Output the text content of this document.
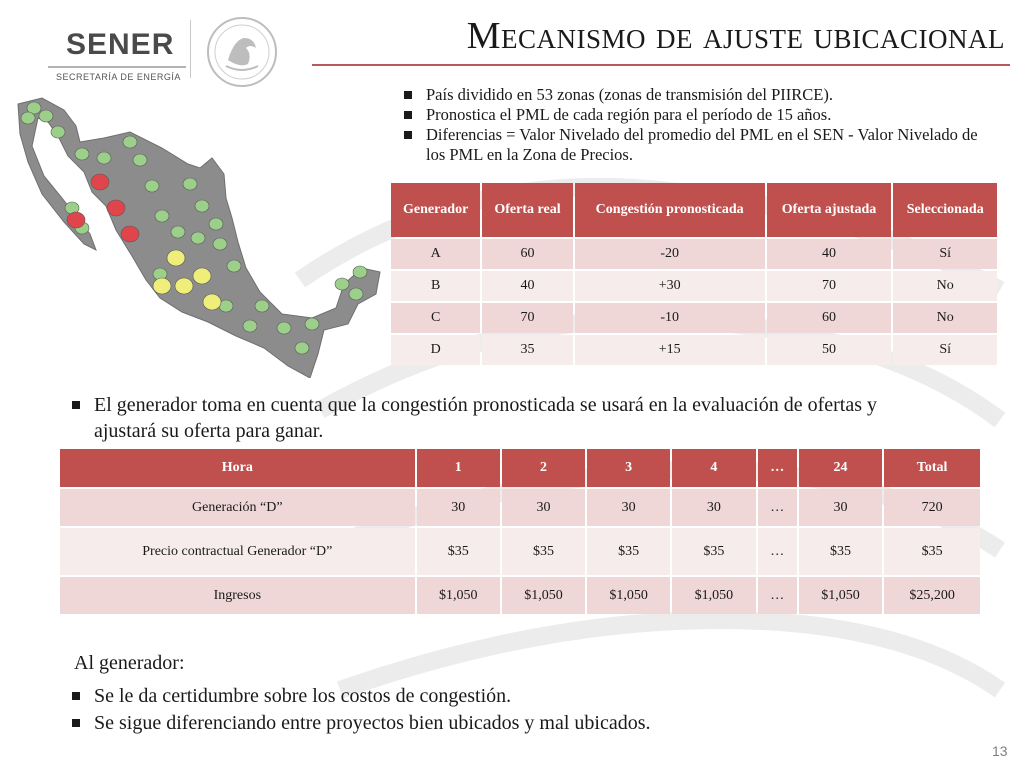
SENER
SECRETARÍA DE ENERGÍA
Mecanismo de ajuste ubicacional
País dividido en 53 zonas (zonas de transmisión del PIIRCE).
Pronostica el PML de cada región para el período de 15 años.
Diferencias = Valor Nivelado del promedio del PML en el SEN - Valor Nivelado de los PML en la Zona de Precios.
Generador	Oferta real	Congestión pronosticada	Oferta ajustada	Seleccionada
A	60	-20	40	Sí
B	40	+30	70	No
C	70	-10	60	No
D	35	+15	50	Sí
El generador toma en cuenta que la congestión pronosticada se usará en la evaluación de ofertas y ajustará su oferta para ganar.
Hora	1	2	3	4	…	24	Total
Generación “D”	30	30	30	30	…	30	720
Precio contractual Generador “D”	$35	$35	$35	$35	…	$35	$35
Ingresos	$1,050	$1,050	$1,050	$1,050	…	$1,050	$25,200
Al generador:
Se le da certidumbre sobre los costos de congestión.
Se sigue diferenciando entre proyectos bien ubicados y mal ubicados.
13
